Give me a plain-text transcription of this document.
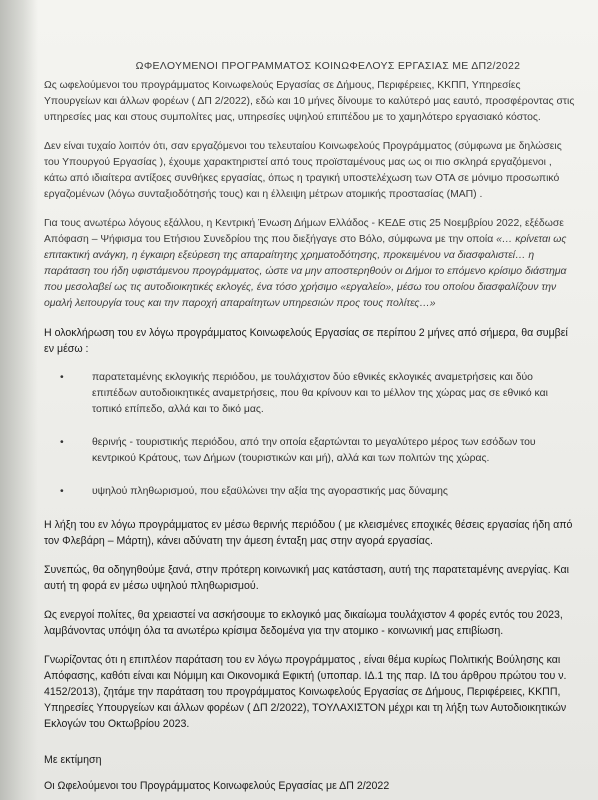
ΩΦΕΛΟΥΜΕΝΟΙ ΠΡΟΓΡΑΜΜΑΤΟΣ ΚΟΙΝΩΦΕΛΟΥΣ ΕΡΓΑΣΙΑΣ ΜΕ ΔΠ2/2022

Ως ωφελούμενοι του προγράμματος Κοινωφελούς Εργασίας σε Δήμους, Περιφέρειες, ΚΚΠΠ, Υπηρεσίες Υπουργείων και άλλων φορέων ( ΔΠ 2/2022), εδώ και 10 μήνες δίνουμε το καλύτερό μας εαυτό, προσφέροντας στις υπηρεσίες μας και στους συμπολίτες μας, υπηρεσίες υψηλού επιπέδου με το χαμηλότερο εργασιακό κόστος.

Δεν είναι τυχαίο λοιπόν ότι, σαν εργαζόμενοι του τελευταίου Κοινωφελούς Προγράμματος (σύμφωνα με δηλώσεις του Υπουργού Εργασίας ), έχουμε χαρακτηριστεί από τους προϊσταμένους μας ως οι πιο σκληρά εργαζόμενοι , κάτω από ιδιαίτερα αντίξοες συνθήκες εργασίας, όπως η τραγική υποστελέχωση των ΟΤΑ σε μόνιμο προσωπικό εργαζομένων (λόγω συνταξιοδότησής τους) και η έλλειψη μέτρων ατομικής προστασίας (ΜΑΠ) .

Για τους ανωτέρω λόγους εξάλλου, η Κεντρική Ένωση Δήμων Ελλάδος - ΚΕΔΕ στις 25 Νοεμβρίου 2022, εξέδωσε Απόφαση – Ψήφισμα του Ετήσιου Συνεδρίου της που διεξήγαγε στο Βόλο, σύμφωνα με την οποία «… κρίνεται ως επιτακτική ανάγκη, η έγκαιρη εξεύρεση της απαραίτητης χρηματοδότησης, προκειμένου να διασφαλιστεί… η παράταση του ήδη υφιστάμενου προγράμματος, ώστε να μην αποστερηθούν οι Δήμοι το επόμενο κρίσιμο διάστημα που μεσολαβεί ως τις αυτοδιοικητικές εκλογές, ένα τόσο χρήσιμο «εργαλείο», μέσω του οποίου διασφαλίζουν την ομαλή λειτουργία τους και την παροχή απαραίτητων υπηρεσιών προς τους πολίτες…»

Η ολοκλήρωση του εν λόγω προγράμματος Κοινωφελούς Εργασίας σε περίπου 2 μήνες από σήμερα, θα συμβεί εν μέσω :

•	παρατεταμένης εκλογικής περιόδου, με τουλάχιστον δύο εθνικές εκλογικές αναμετρήσεις και δύο επιπέδων αυτοδιοικητικές αναμετρήσεις, που θα κρίνουν και το μέλλον της χώρας μας σε εθνικό και τοπικό επίπεδο, αλλά και το δικό μας.
•	θερινής - τουριστικής περιόδου, από την οποία εξαρτώνται το μεγαλύτερο μέρος των εσόδων του κεντρικού Κράτους, των Δήμων (τουριστικών και μή), αλλά και των πολιτών της χώρας.
•	υψηλού πληθωρισμού, που εξαϋλώνει την αξία της αγοραστικής μας δύναμης

Η λήξη του εν λόγω προγράμματος εν μέσω θερινής περιόδου ( με κλεισμένες εποχικές θέσεις εργασίας ήδη από τον Φλεβάρη – Μάρτη), κάνει αδύνατη την άμεση ένταξη μας στην αγορά εργασίας.

Συνεπώς, θα οδηγηθούμε ξανά, στην πρότερη κοινωνική μας κατάσταση, αυτή της παρατεταμένης ανεργίας. Και αυτή τη φορά εν μέσω υψηλού πληθωρισμού.

Ως ενεργοί πολίτες, θα χρειαστεί να ασκήσουμε το εκλογικό μας δικαίωμα τουλάχιστον 4 φορές εντός του 2023, λαμβάνοντας υπόψη όλα τα ανωτέρω κρίσιμα δεδομένα για την ατομικο - κοινωνική μας επιβίωση.

Γνωρίζοντας ότι η επιπλέον παράταση του εν λόγω προγράμματος , είναι θέμα κυρίως Πολιτικής Βούλησης και Απόφασης, καθότι είναι και Νόμιμη και Οικονομικά Εφικτή (υποπαρ. ΙΔ.1 της παρ. ΙΔ του άρθρου πρώτου του ν. 4152/2013), ζητάμε την παράταση του προγράμματος Κοινωφελούς Εργασίας σε Δήμους, Περιφέρειες, ΚΚΠΠ, Υπηρεσίες Υπουργείων και άλλων φορέων ( ΔΠ 2/2022), ΤΟΥΛΑΧΙΣΤΟΝ μέχρι και τη λήξη των Αυτοδιοικητικών Εκλογών του Οκτωβρίου 2023.

Με εκτίμηση

Οι Ωφελούμενοι του Προγράμματος Κοινωφελούς Εργασίας με ΔΠ 2/2022
